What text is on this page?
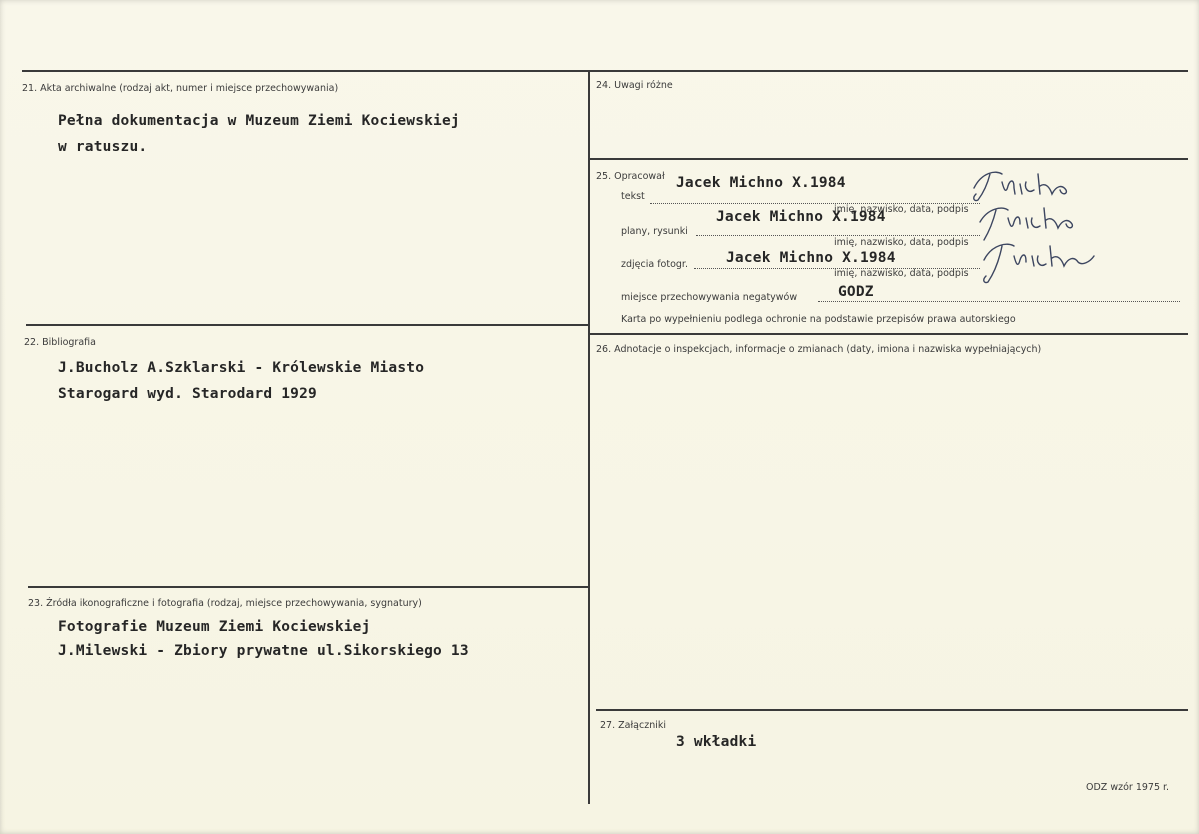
21. Akta archiwalne (rodzaj akt, numer i miejsce przechowywania)
Pełna dokumentacja w Muzeum Ziemi Kociewskiej
w ratuszu.
22. Bibliografia
J.Bucholz A.Szklarski - Królewskie Miasto
Starogard wyd. Starodard 1929
23. Źródła ikonograficzne i fotografia (rodzaj, miejsce przechowywania, sygnatury)
Fotografie Muzeum Ziemi Kociewskiej
J.Milewski - Zbiory prywatne ul.Sikorskiego 13
24. Uwagi różne
25. Opracował
tekst
Jacek Michno X.1984
imię, nazwisko, data, podpis
plany, rysunki
Jacek Michno X.1984
imię, nazwisko, data, podpis
zdjęcia fotogr.	Jacek Michno X.1984
imię, nazwisko, data, podpis
miejsce przechowywania negatywów	GODZ
Karta po wypełnieniu podlega ochronie na podstawie przepisów prawa autorskiego
26. Adnotacje o inspekcjach, informacje o zmianach (daty, imiona i nazwiska wypełniających)
27. Załączniki
3 wkładki
ODZ wzór 1975 r.
